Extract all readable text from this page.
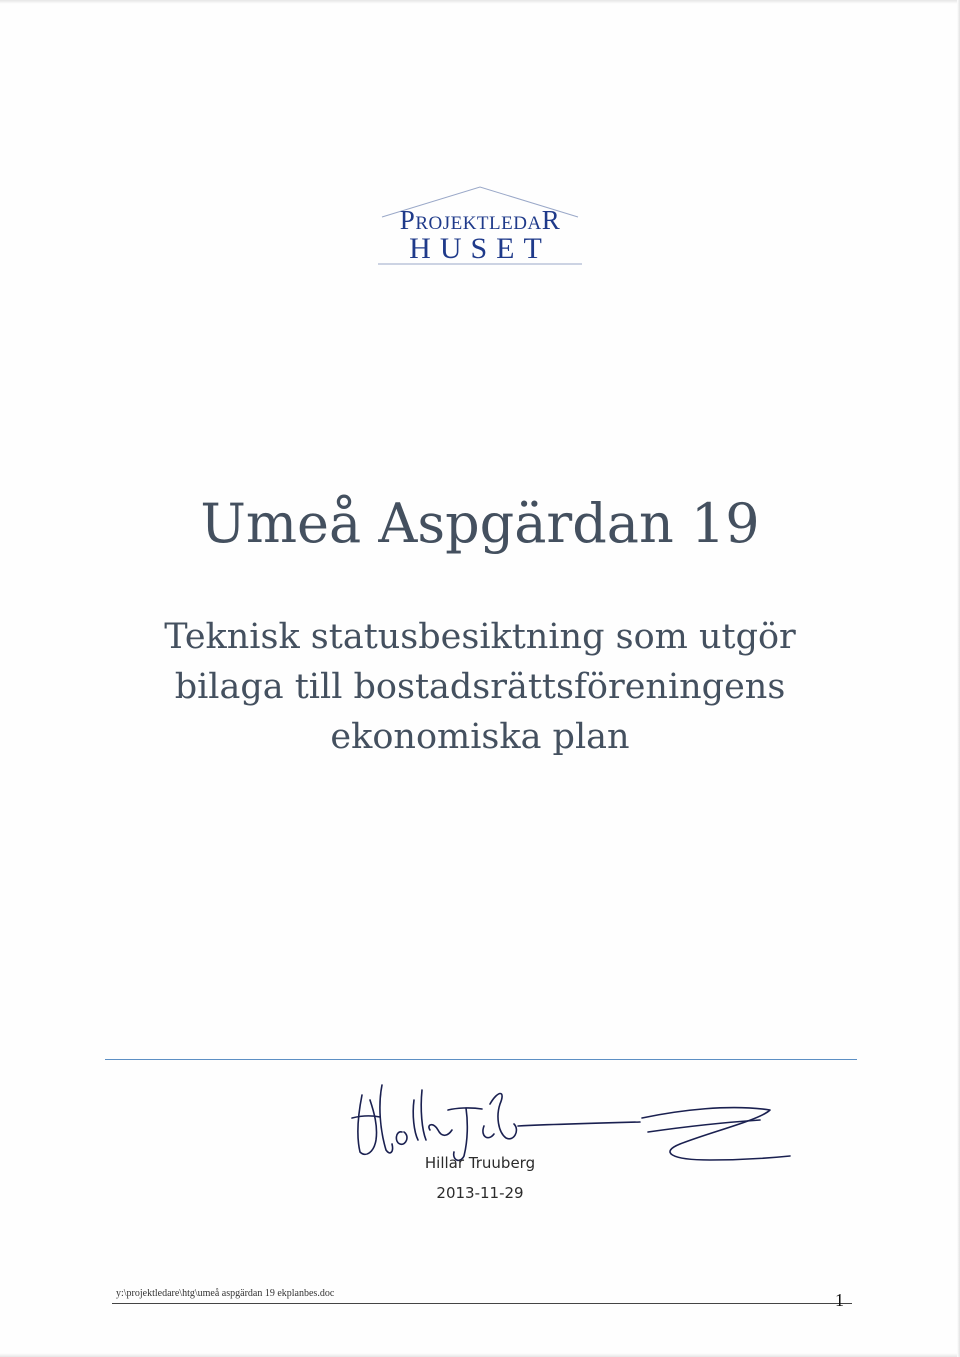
PROJEKTLEDAR
HUSET
Umeå Aspgärdan 19
Teknisk statusbesiktning som utgör
bilaga till bostadsrättsföreningens
ekonomiska plan
Hillar Truuberg
2013-11-29
y:\projektledare\htg\umeå aspgärdan 19 ekplanbes.doc	1
